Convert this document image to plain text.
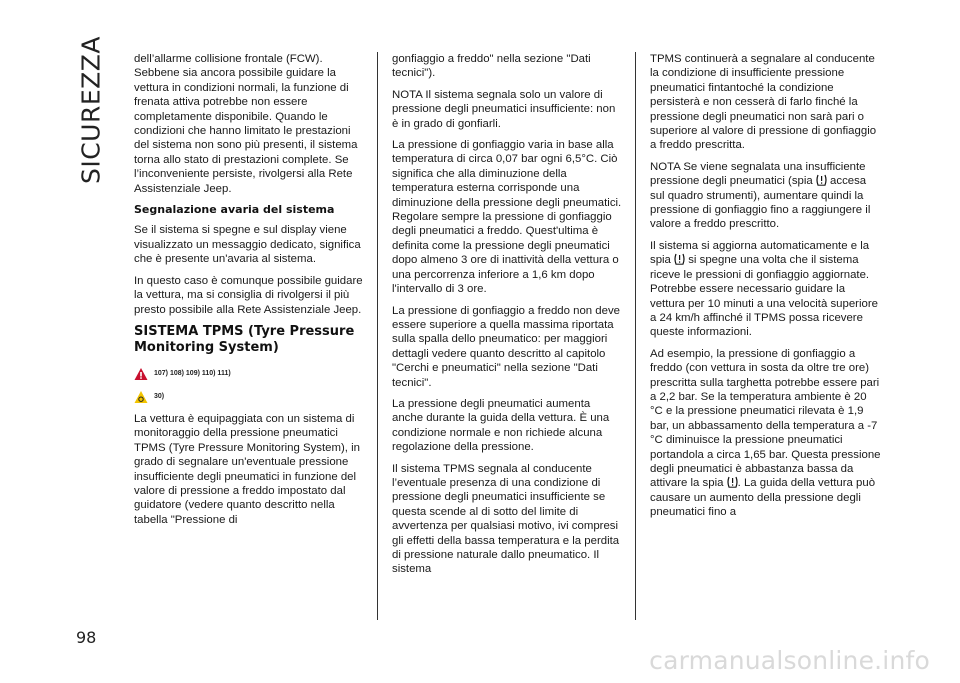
SICUREZZA	dell’allarme collisione frontale (FCW). Sebbene sia ancora possibile guidare la vettura in condizioni normali, la funzione di frenata attiva potrebbe non essere completamente disponibile. Quando le condizioni che hanno limitato le prestazioni del sistema non sono più presenti, il sistema torna allo stato di prestazioni complete. Se l’inconveniente persiste, rivolgersi alla Rete Assistenziale Jeep.

Segnalazione avaria del sistema

Se il sistema si spegne e sul display viene visualizzato un messaggio dedicato, significa che è presente un'avaria al sistema.

In questo caso è comunque possibile guidare la vettura, ma si consiglia di rivolgersi il più presto possibile alla Rete Assistenziale Jeep.

SISTEMA TPMS (Tyre Pressure Monitoring System)
107) 108) 109) 110) 111)
30)

La vettura è equipaggiata con un sistema di monitoraggio della pressione pneumatici TPMS (Tyre Pressure Monitoring System), in grado di segnalare un'eventuale pressione insufficiente degli pneumatici in funzione del valore di pressione a freddo impostato dal guidatore (vedere quanto descritto nella tabella "Pressione di

gonfiaggio a freddo" nella sezione "Dati tecnici").

NOTA Il sistema segnala solo un valore di pressione degli pneumatici insufficiente: non è in grado di gonfiarli.

La pressione di gonfiaggio varia in base alla temperatura di circa 0,07 bar ogni 6,5°C. Ciò significa che alla diminuzione della temperatura esterna corrisponde una diminuzione della pressione degli pneumatici. Regolare sempre la pressione di gonfiaggio degli pneumatici a freddo. Quest'ultima è definita come la pressione degli pneumatici dopo almeno 3 ore di inattività della vettura o una percorrenza inferiore a 1,6 km dopo l'intervallo di 3 ore.

La pressione di gonfiaggio a freddo non deve essere superiore a quella massima riportata sulla spalla dello pneumatico: per maggiori dettagli vedere quanto descritto al capitolo "Cerchi e pneumatici" nella sezione "Dati tecnici".

La pressione degli pneumatici aumenta anche durante la guida della vettura. È una condizione normale e non richiede alcuna regolazione della pressione.

Il sistema TPMS segnala al conducente l’eventuale presenza di una condizione di pressione degli pneumatici insufficiente se questa scende al di sotto del limite di avvertenza per qualsiasi motivo, ivi compresi gli effetti della bassa temperatura e la perdita di pressione naturale dallo pneumatico. Il sistema

TPMS continuerà a segnalare al conducente la condizione di insufficiente pressione pneumatici fintantoché la condizione persisterà e non cesserà di farlo finché la pressione degli pneumatici non sarà pari o superiore al valore di pressione di gonfiaggio a freddo prescritta.

NOTA Se viene segnalata una insufficiente pressione degli pneumatici (spia  accesa sul quadro strumenti), aumentare quindi la pressione di gonfiaggio fino a raggiungere il valore a freddo prescritto.

Il sistema si aggiorna automaticamente e la spia  si spegne una volta che il sistema riceve le pressioni di gonfiaggio aggiornate. Potrebbe essere necessario guidare la vettura per 10 minuti a una velocità superiore a 24 km/h affinché il TPMS possa ricevere queste informazioni.

Ad esempio, la pressione di gonfiaggio a freddo (con vettura in sosta da oltre tre ore) prescritta sulla targhetta potrebbe essere pari a 2,2 bar. Se la temperatura ambiente è 20 °C e la pressione pneumatici rilevata è 1,9 bar, un abbassamento della temperatura a -7 °C diminuisce la pressione pneumatici portandola a circa 1,65 bar. Questa pressione degli pneumatici è abbastanza bassa da attivare la spia . La guida della vettura può causare un aumento della pressione degli pneumatici fino a

98
carmanualsonline.info
